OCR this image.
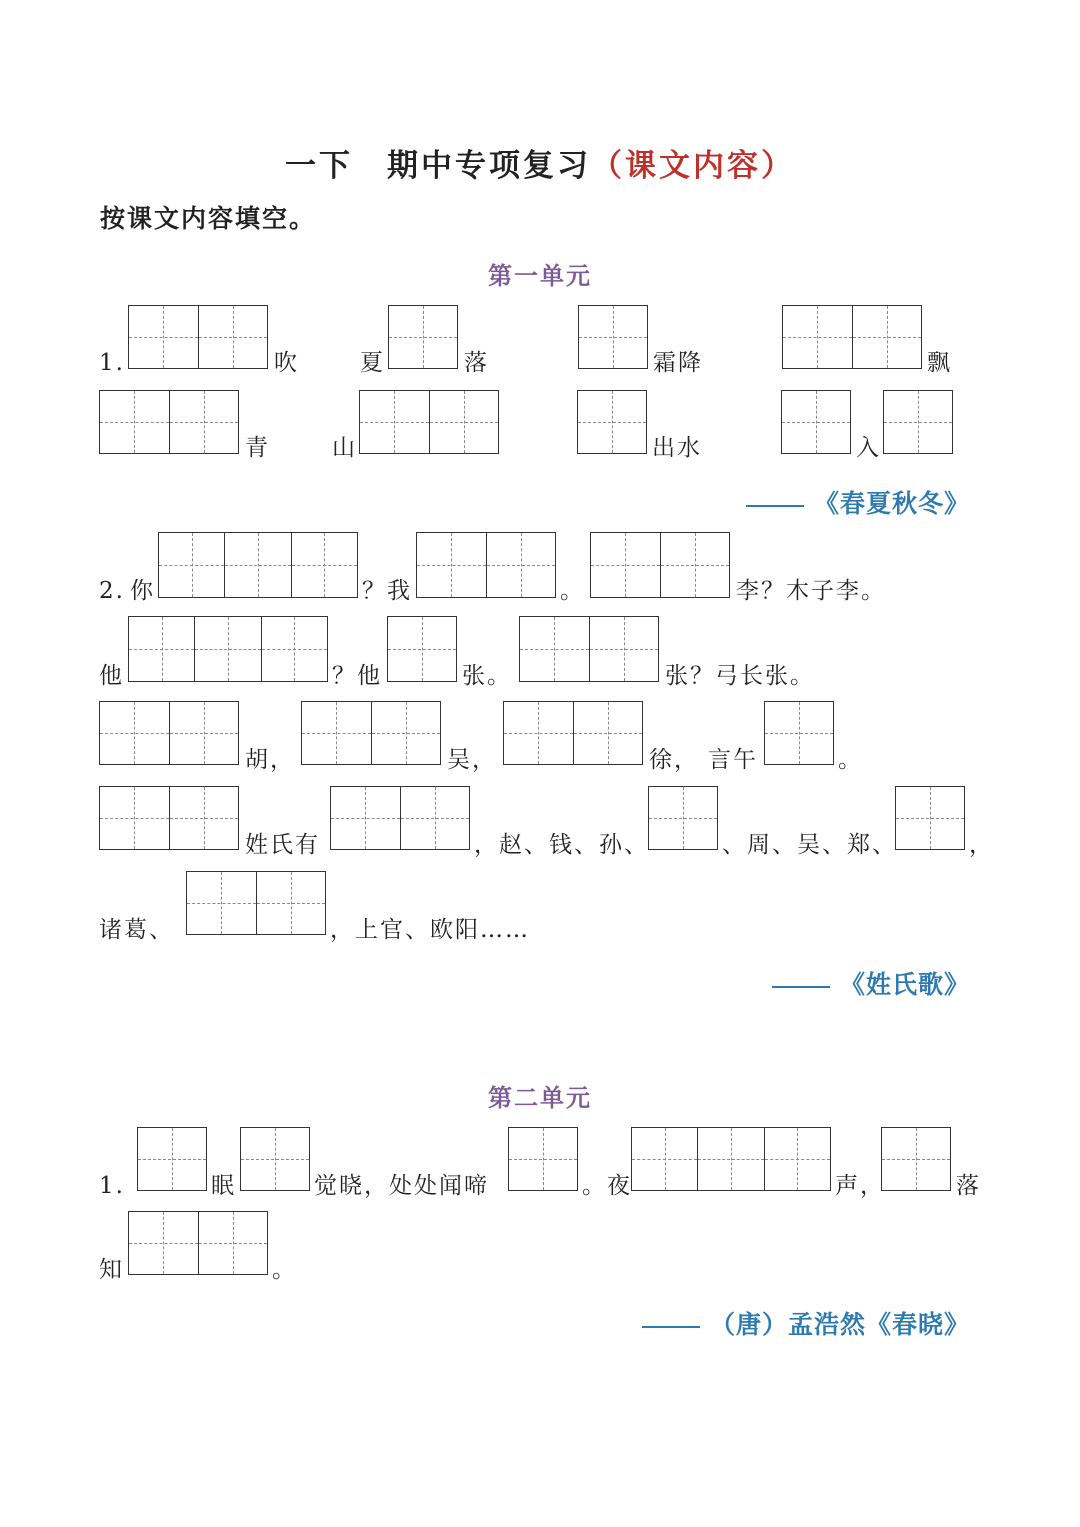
一下　期中专项复习（课文内容）
按课文内容填空。
第一单元
1.	吹	夏	落	霜降	飘
青	山	出水	入
《春夏秋冬》
2. 你	？我	。	李？木子李。
他	？他	张。	张？弓长张。
胡，	吴，	徐， 言午	。
姓氏有	，赵、钱、孙、	、周、吴、郑、	，
诸葛、	，上官、欧阳……
《姓氏歌》
第二单元
1.	眠	觉晓，处处闻啼	。夜	声，	落
知	。
（唐）孟浩然《春晓》
